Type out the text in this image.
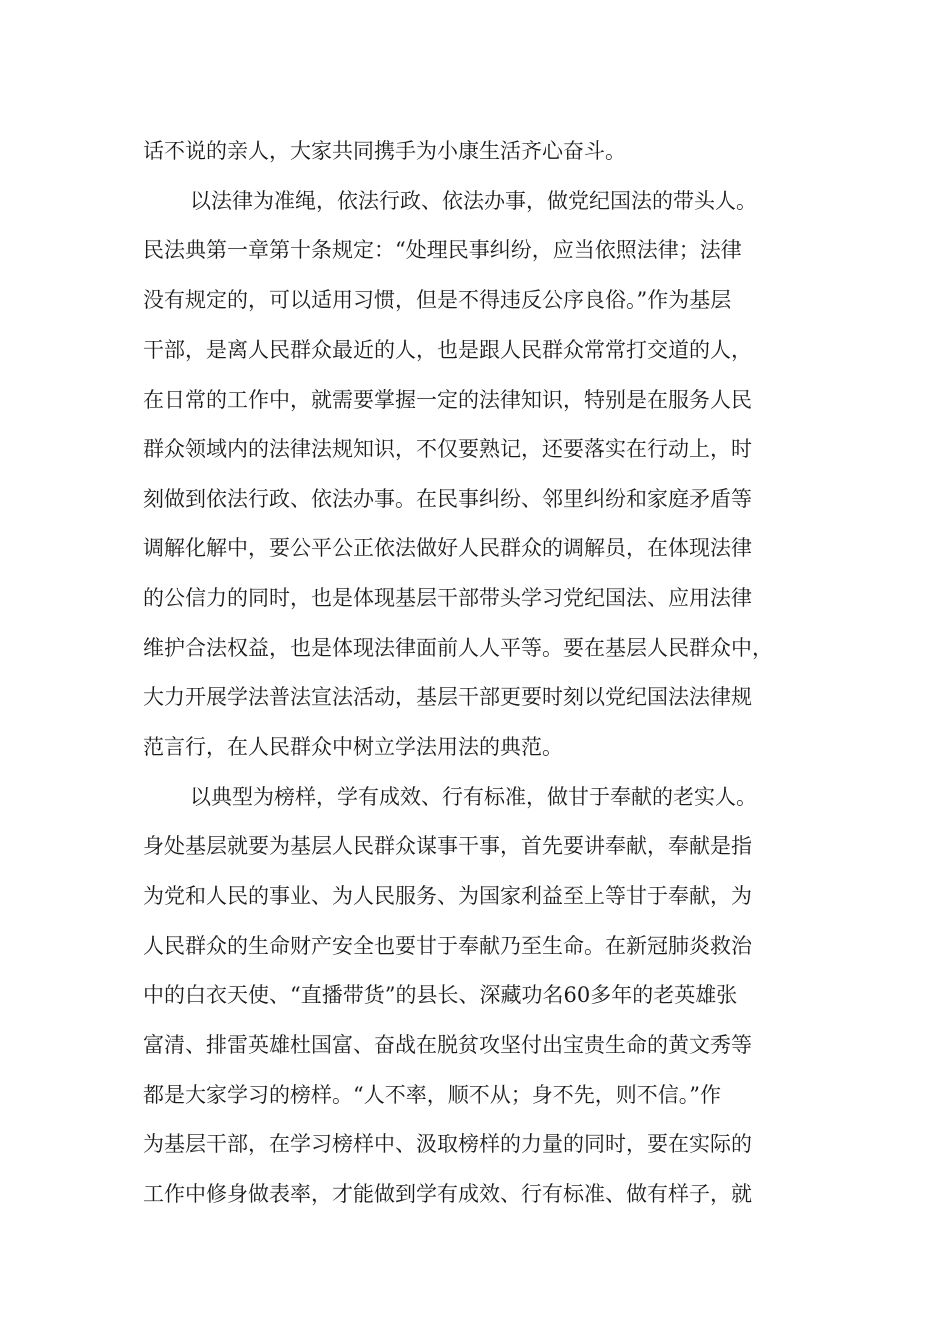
话不说的亲人，大家共同携手为小康生活齐心奋斗。

以法律为准绳，依法行政、依法办事，做党纪国法的带头人。

民法典第一章第十条规定：“处理民事纠纷，应当依照法律；法律

没有规定的，可以适用习惯，但是不得违反公序良俗。”作为基层

干部，是离人民群众最近的人，也是跟人民群众常常打交道的人，

在日常的工作中，就需要掌握一定的法律知识，特别是在服务人民

群众领域内的法律法规知识，不仅要熟记，还要落实在行动上，时

刻做到依法行政、依法办事。在民事纠纷、邻里纠纷和家庭矛盾等

调解化解中，要公平公正依法做好人民群众的调解员，在体现法律

的公信力的同时，也是体现基层干部带头学习党纪国法、应用法律

维护合法权益，也是体现法律面前人人平等。要在基层人民群众中，

大力开展学法普法宣法活动，基层干部更要时刻以党纪国法法律规

范言行，在人民群众中树立学法用法的典范。

以典型为榜样，学有成效、行有标准，做甘于奉献的老实人。

身处基层就要为基层人民群众谋事干事，首先要讲奉献，奉献是指

为党和人民的事业、为人民服务、为国家利益至上等甘于奉献，为

人民群众的生命财产安全也要甘于奉献乃至生命。在新冠肺炎救治

中的白衣天使、“直播带货”的县长、深藏功名60多年的老英雄张

富清、排雷英雄杜国富、奋战在脱贫攻坚付出宝贵生命的黄文秀等

都是大家学习的榜样。“人不率，顺不从；身不先，则不信。”作

为基层干部，在学习榜样中、汲取榜样的力量的同时，要在实际的

工作中修身做表率，才能做到学有成效、行有标准、做有样子，就
